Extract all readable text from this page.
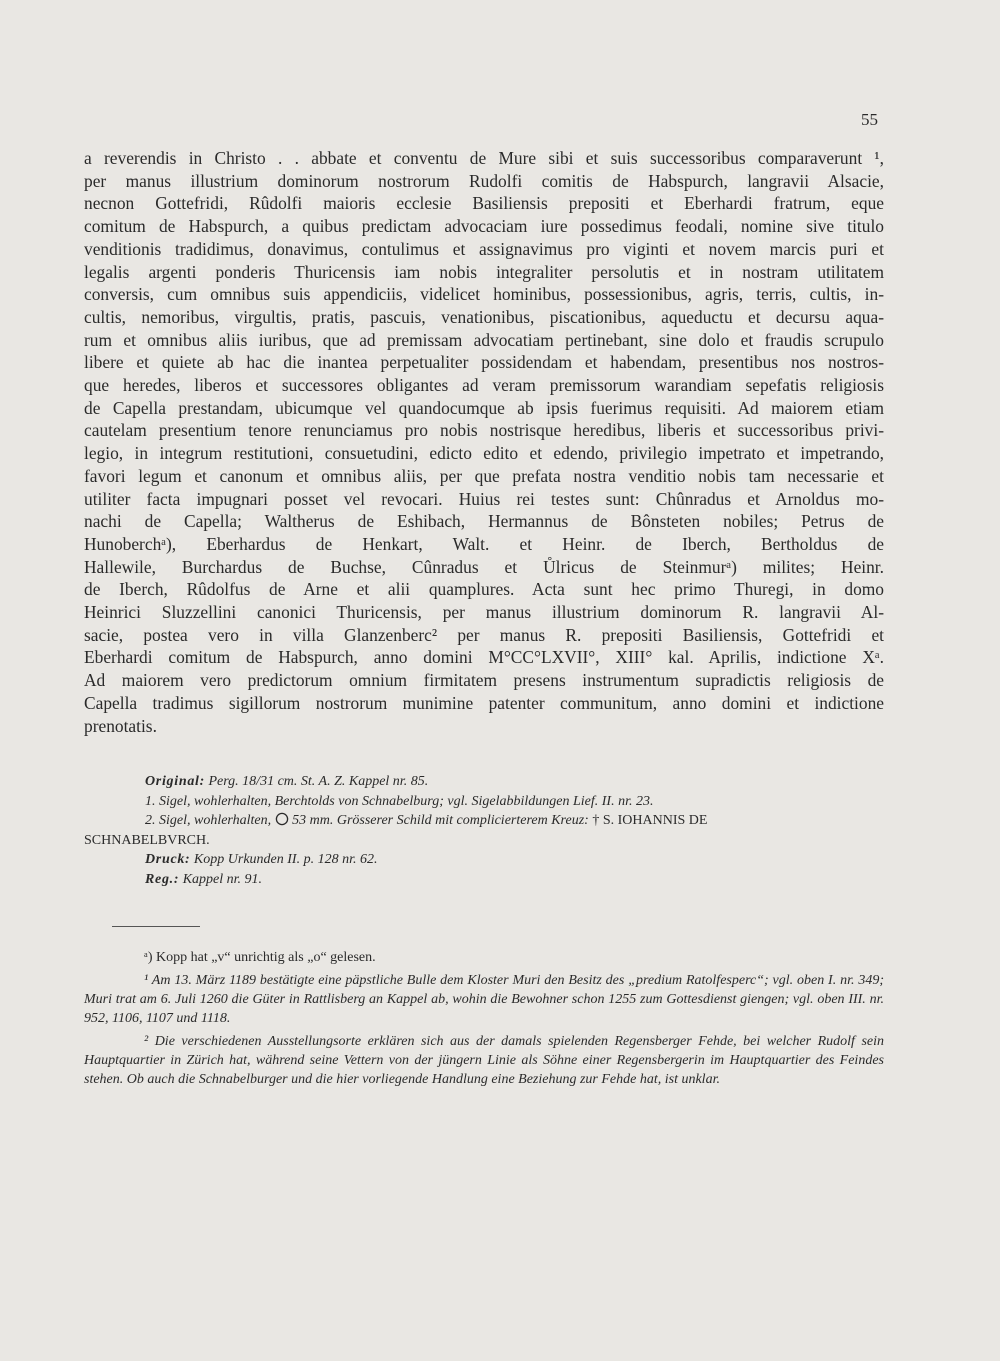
55
a reverendis in Christo . . abbate et conventu de Mure sibi et suis successoribus comparaverunt ¹,
per manus illustrium dominorum nostrorum Rudolfi comitis de Habspurch, langravii Alsacie,
necnon Gottefridi, Rûdolfi maioris ecclesie Basiliensis prepositi et Eberhardi fratrum, eque
comitum de Habspurch, a quibus predictam advocaciam iure possedimus feodali, nomine sive titulo
venditionis tradidimus, donavimus, contulimus et assignavimus pro viginti et novem marcis puri et
legalis argenti ponderis Thuricensis iam nobis integraliter persolutis et in nostram utilitatem
conversis, cum omnibus suis appendiciis, videlicet hominibus, possessionibus, agris, terris, cultis, in-
cultis, nemoribus, virgultis, pratis, pascuis, venationibus, piscationibus, aqueductu et decursu aqua-
rum et omnibus aliis iuribus, que ad premissam advocatiam pertinebant, sine dolo et fraudis scrupulo
libere et quiete ab hac die inantea perpetualiter possidendam et habendam, presentibus nos nostros-
que heredes, liberos et successores obligantes ad veram premissorum warandiam sepefatis religiosis
de Capella prestandam, ubicumque vel quandocumque ab ipsis fuerimus requisiti. Ad maiorem etiam
cautelam presentium tenore renunciamus pro nobis nostrisque heredibus, liberis et successoribus privi-
legio, in integrum restitutioni, consuetudini, edicto edito et edendo, privilegio impetrato et impetrando,
favori legum et canonum et omnibus aliis, per que prefata nostra venditio nobis tam necessarie et
utiliter facta impugnari posset vel revocari. Huius rei testes sunt: Chûnradus et Arnoldus mo-
nachi de Capella; Waltherus de Eshibach, Hermannus de Bônsteten nobiles; Petrus de
Hunoberchᵃ), Eberhardus de Henkart, Walt. et Heinr. de Iberch, Bertholdus de
Hallewile, Burchardus de Buchse, Cûnradus et Ůlricus de Steinmurᵃ) milites; Heinr.
de Iberch, Rûdolfus de Arne et alii quamplures. Acta sunt hec primo Thuregi, in domo
Heinrici Sluzzellini canonici Thuricensis, per manus illustrium dominorum R. langravii Al-
sacie, postea vero in villa Glanzenberc² per manus R. prepositi Basiliensis, Gottefridi et
Eberhardi comitum de Habspurch, anno domini M°CC°LXVII°, XIII° kal. Aprilis, indictione Xᵃ.
Ad maiorem vero predictorum omnium firmitatem presens instrumentum supradictis religiosis de
Capella tradimus sigillorum nostrorum munimine patenter communitum, anno domini et indictione
prenotatis.
Original: Perg. 18/31 cm. St. A. Z. Kappel nr. 85.
1. Sigel, wohlerhalten, Berchtolds von Schnabelburg; vgl. Sigelabbildungen Lief. II. nr. 23.
2. Sigel, wohlerhalten, 53 mm. Grösserer Schild mit complicierterem Kreuz: † S. IOHANNIS DE
SCHNABELBVRCH.
Druck: Kopp Urkunden II. p. 128 nr. 62.
Reg.: Kappel nr. 91.
ᵃ) Kopp hat „v“ unrichtig als „o“ gelesen.
¹ Am 13. März 1189 bestätigte eine päpstliche Bulle dem Kloster Muri den Besitz des „predium Ratolfesperc“; vgl. oben I. nr. 349; Muri trat am 6. Juli 1260 die Güter in Rattlisberg an Kappel ab, wohin die Bewohner schon 1255 zum Gottesdienst giengen; vgl. oben III. nr. 952, 1106, 1107 und 1118.
² Die verschiedenen Ausstellungsorte erklären sich aus der damals spielenden Regensberger Fehde, bei welcher Rudolf sein Hauptquartier in Zürich hat, während seine Vettern von der jüngern Linie als Söhne einer Regensbergerin im Hauptquartier des Feindes stehen. Ob auch die Schnabelburger und die hier vorliegende Handlung eine Beziehung zur Fehde hat, ist unklar.
